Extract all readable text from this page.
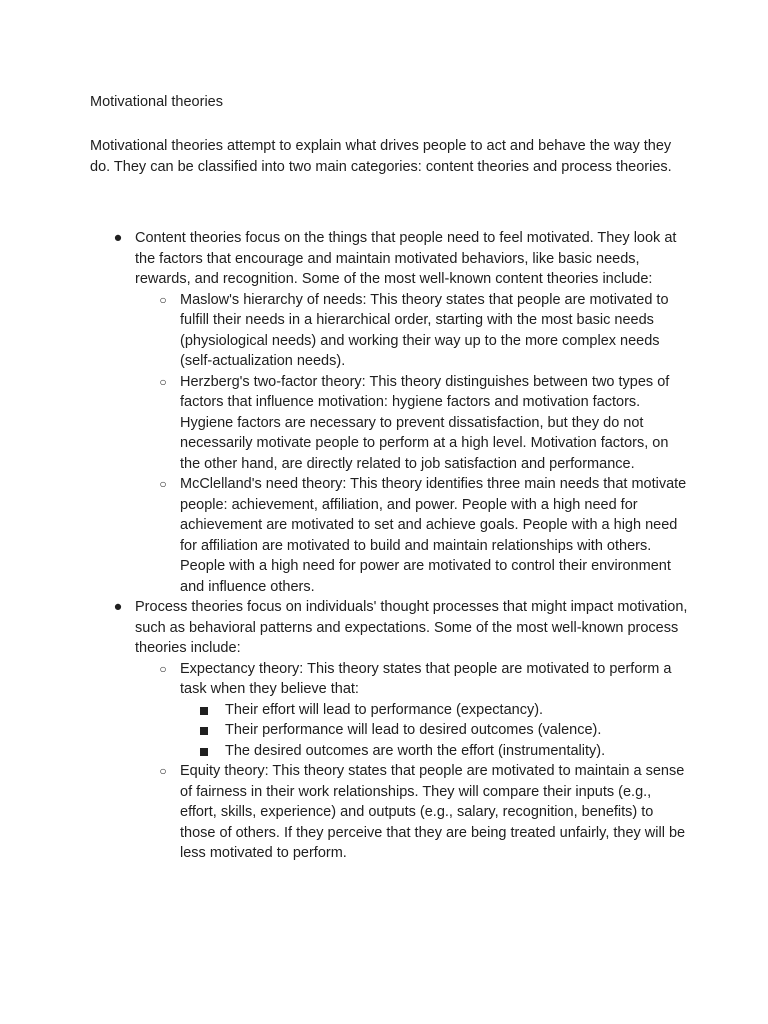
Motivational theories

Motivational theories attempt to explain what drives people to act and behave the way they do. They can be classified into two main categories: content theories and process theories.

● Content theories focus on the things that people need to feel motivated. They look at the factors that encourage and maintain motivated behaviors, like basic needs, rewards, and recognition. Some of the most well-known content theories include:
○ Maslow's hierarchy of needs: This theory states that people are motivated to fulfill their needs in a hierarchical order, starting with the most basic needs (physiological needs) and working their way up to the more complex needs (self-actualization needs).
○ Herzberg's two-factor theory: This theory distinguishes between two types of factors that influence motivation: hygiene factors and motivation factors. Hygiene factors are necessary to prevent dissatisfaction, but they do not necessarily motivate people to perform at a high level. Motivation factors, on the other hand, are directly related to job satisfaction and performance.
○ McClelland's need theory: This theory identifies three main needs that motivate people: achievement, affiliation, and power. People with a high need for achievement are motivated to set and achieve goals. People with a high need for affiliation are motivated to build and maintain relationships with others. People with a high need for power are motivated to control their environment and influence others.
● Process theories focus on individuals' thought processes that might impact motivation, such as behavioral patterns and expectations. Some of the most well-known process theories include:
○ Expectancy theory: This theory states that people are motivated to perform a task when they believe that:
Their effort will lead to performance (expectancy).
Their performance will lead to desired outcomes (valence).
The desired outcomes are worth the effort (instrumentality).
○ Equity theory: This theory states that people are motivated to maintain a sense of fairness in their work relationships. They will compare their inputs (e.g., effort, skills, experience) and outputs (e.g., salary, recognition, benefits) to those of others. If they perceive that they are being treated unfairly, they will be less motivated to perform.
